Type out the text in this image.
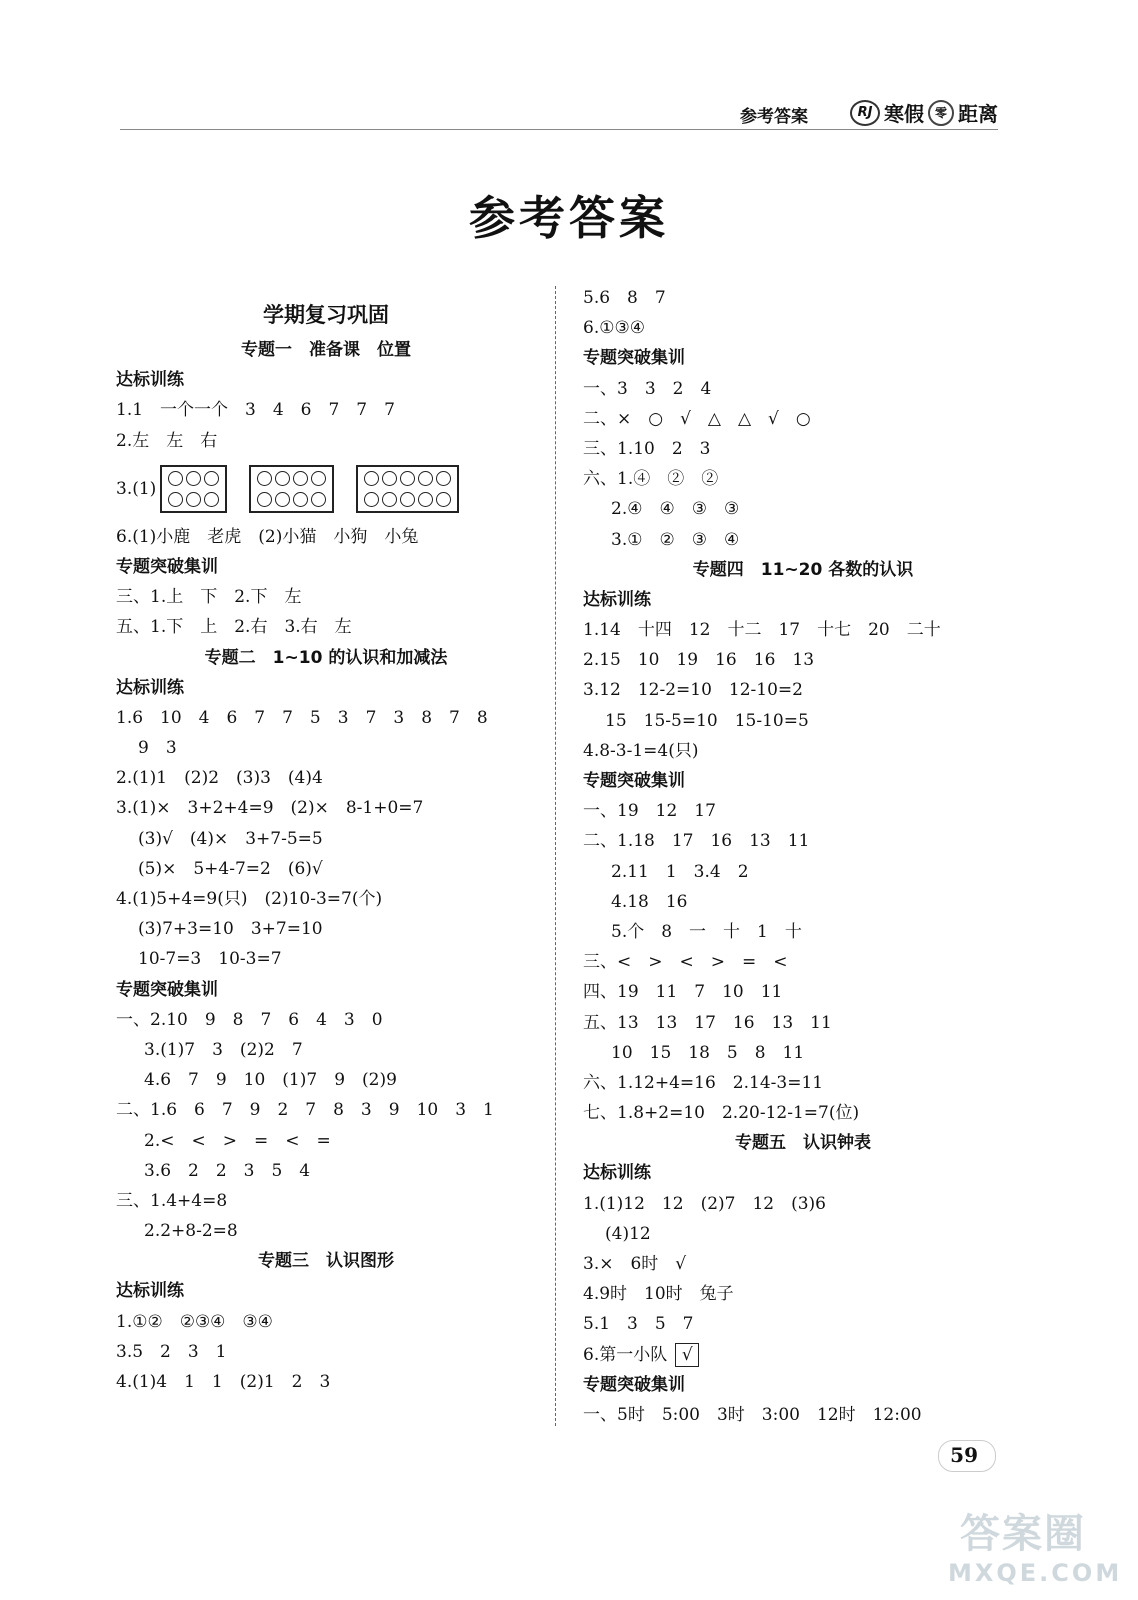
参考答案	RJ 寒假 零 距离
参考答案
学期复习巩固
专题一　准备课　位置
达标训练
1.1　一个一个　3　4　6　7　7　7
2.左　左　右
3.(1)
6.(1)小鹿　老虎　(2)小猫　小狗　小兔
专题突破集训
三、1.上　下　2.下　左
五、1.下　上　2.右　3.右　左
专题二　1~10 的认识和加减法
达标训练
1.6　10　4　6　7　7　5　3　7　3　8　7　8
9　3
2.(1)1　(2)2　(3)3　(4)4
3.(1)×　3+2+4=9　(2)×　8-1+0=7
(3)√　(4)×　3+7-5=5
(5)×　5+4-7=2　(6)√
4.(1)5+4=9(只)　(2)10-3=7(个)
(3)7+3=10　3+7=10
10-7=3　10-3=7
专题突破集训
一、2.10　9　8　7　6　4　3　0
3.(1)7　3　(2)2　7
4.6　7　9　10　(1)7　9　(2)9
二、1.6　6　7　9　2　7　8　3　9　10　3　1
2.<　<　>　=　<　=
3.6　2　2　3　5　4
三、1.4+4=8
2.2+8-2=8
专题三　认识图形
达标训练
1.①②　②③④　③④
3.5　2　3　1
4.(1)4　1　1　(2)1　2　3
5.6　8　7
6.①③④
专题突破集训
一、3　3　2　4
二、×　○　√　△　△　√　○
三、1.10　2　3
六、1.④　②　②
2.④　④　③　③
3.①　②　③　④
专题四　11~20 各数的认识
达标训练
1.14　十四　12　十二　17　十七　20　二十
2.15　10　19　16　16　13
3.12　12-2=10　12-10=2
15　15-5=10　15-10=5
4.8-3-1=4(只)
专题突破集训
一、19　12　17
二、1.18　17　16　13　11
2.11　1　3.4　2
4.18　16
5.个　8　一　十　1　十
三、<　>　<　>　=　<
四、19　11　7　10　11
五、13　13　17　16　13　11
10　15　18　5　8　11
六、1.12+4=16　2.14-3=11
七、1.8+2=10　2.20-12-1=7(位)
专题五　认识钟表
达标训练
1.(1)12　12　(2)7　12　(3)6
(4)12
3.×　6时　√
4.9时　10时　兔子
5.1　3　5　7
6.第一小队 √
专题突破集训
一、5时　5:00　3时　3:00　12时　12:00
59
答案圈
MXQE.COM
